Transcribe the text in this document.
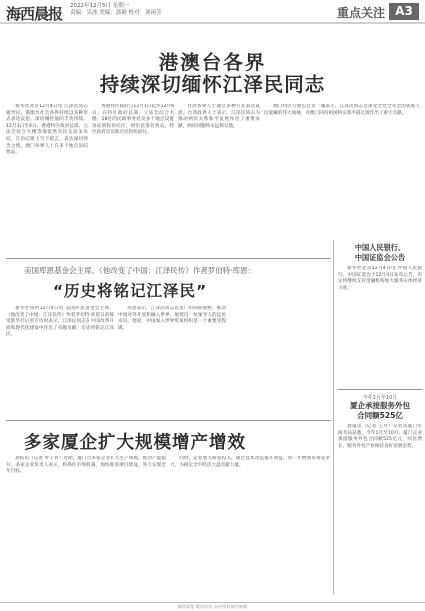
海西晨报 2022年12月5日 星期一
责编：吴冰 美编：郭毅 校对：刘雨芳	重点关注 A3
港澳台各界
持续深切缅怀江泽民同志

新华社北京12月4日电 江泽民同志逝世后，港澳台社会各界持续以多种形式表达哀思，深切缅怀他的丰功伟绩。12月3日至4日，香港特区政府总部、立法会综合大楼等地依然有民众前来吊唁，在吊唁册上写下留言，表达深切悼念之情。澳门各界人士在多个地点吊唁致哀。

香港特区政府自12月1日起至12月6日，在特区政府总部、立法会综合大楼、18区的民政事务处及多个地点设置吊唁册和吊唁区，供市民签名致哀。特区政府官员和市民纷纷前往。

台湾各界人士通过多种方式表达哀思。台湾政界人士表示，江泽民同志为推动两岸关系和平发展作出了重要贡献，两岸同胞将永远铭记他。

澳门特区行政长官贺一诚表示，江泽民同志是深受全党全军全国各族人民爱戴的伟大领袖，对澳门回归祖国和实现平稳过渡作出了重大贡献。

美国库恩基金会主席、《他改变了中国：江泽民传》作者罗伯特·库恩：
“历史将铭记江泽民”

新华社纽约12月4日电 美国库恩基金会主席、《他改变了中国：江泽民传》作者罗伯特·库恩日前接受新华社记者专访时表示，江泽民同志在中国改革开放和现代化建设中作出了卓越贡献，历史将铭记江泽民。

库恩表示，江泽民同志以宽广的国际视野，推动中国对外开放和融入世界，展现出一位领导人的远见卓识。他说，中国加入世界贸易组织是一个重要里程碑。

多家厦企扩大规模增产增效

晨报讯（记者 叶子青）近期，厦门市多家企业扩大生产规模，推动产能提升。多家企业负责人表示，将抓住市场机遇，加快推进项目建设，努力实现全年目标。

同时，企业加大研发投入，通过技术改造提升效益，进一步增强市场竞争力，为稳定全市经济大盘贡献力量。

中国人民银行、
中国证监会公告

新华社北京12月4日电 中国人民银行、中国证监会于12月4日发布公告，决定将继续支持金融机构加大服务实体经济力度。

今年1月至10月
厦企承接服务外包
合同额525亿

晨报讯（记者 王丹）记者从厦门市商务局获悉，今年1月至10月，厦门企业承接服务外包合同额525亿元，同比增长，服务外包产业保持良好发展态势。

海西晨报 版权所有 未经授权请勿转载
